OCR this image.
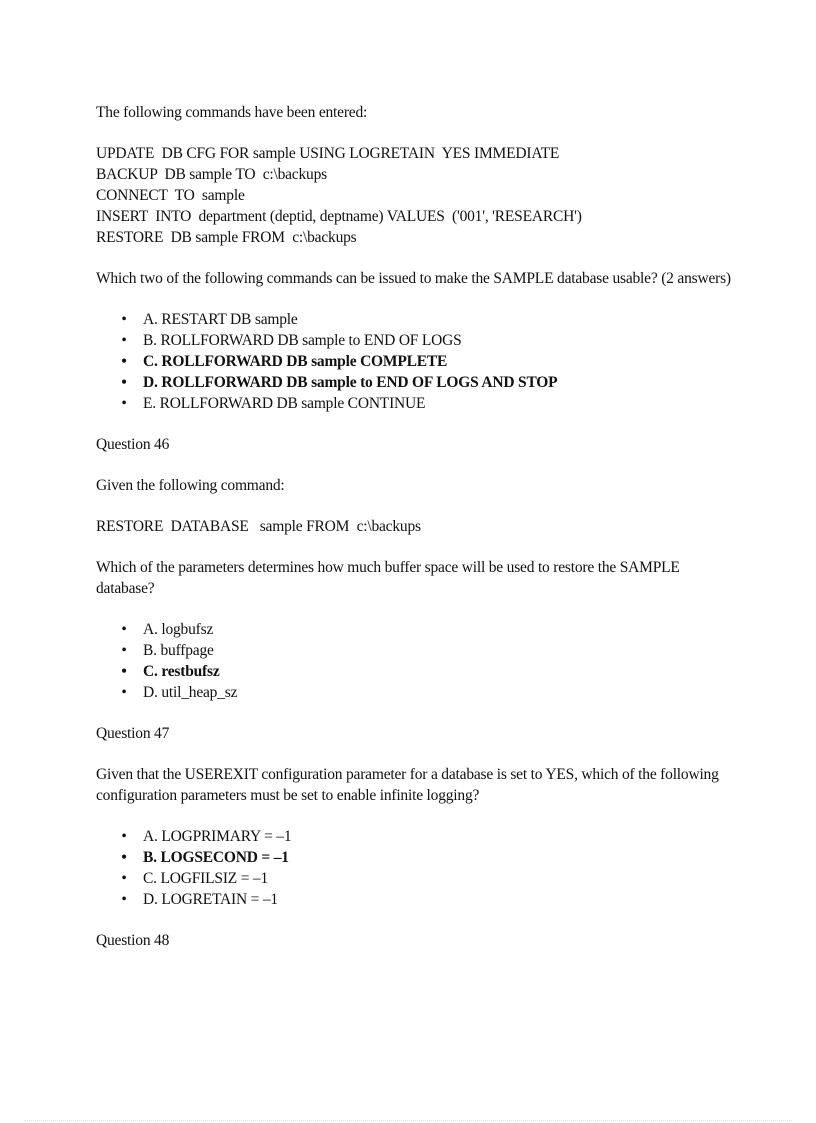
The following commands have been entered:

UPDATE  DB CFG FOR sample USING LOGRETAIN  YES IMMEDIATE
BACKUP  DB sample TO  c:\backups
CONNECT  TO  sample
INSERT  INTO  department (deptid, deptname) VALUES  ('001', 'RESEARCH')
RESTORE  DB sample FROM  c:\backups

Which two of the following commands can be issued to make the SAMPLE database usable? (2 answers)

• A. RESTART DB sample
• B. ROLLFORWARD DB sample to END OF LOGS
• C. ROLLFORWARD DB sample COMPLETE
• D. ROLLFORWARD DB sample to END OF LOGS AND STOP
• E. ROLLFORWARD DB sample CONTINUE

Question 46

Given the following command:

RESTORE  DATABASE   sample FROM  c:\backups

Which of the parameters determines how much buffer space will be used to restore the SAMPLE database?

• A. logbufsz
• B. buffpage
• C. restbufsz
• D. util_heap_sz

Question 47

Given that the USEREXIT configuration parameter for a database is set to YES, which of the following configuration parameters must be set to enable infinite logging?

• A. LOGPRIMARY = –1
• B. LOGSECOND = –1
• C. LOGFILSIZ = –1
• D. LOGRETAIN = –1

Question 48
